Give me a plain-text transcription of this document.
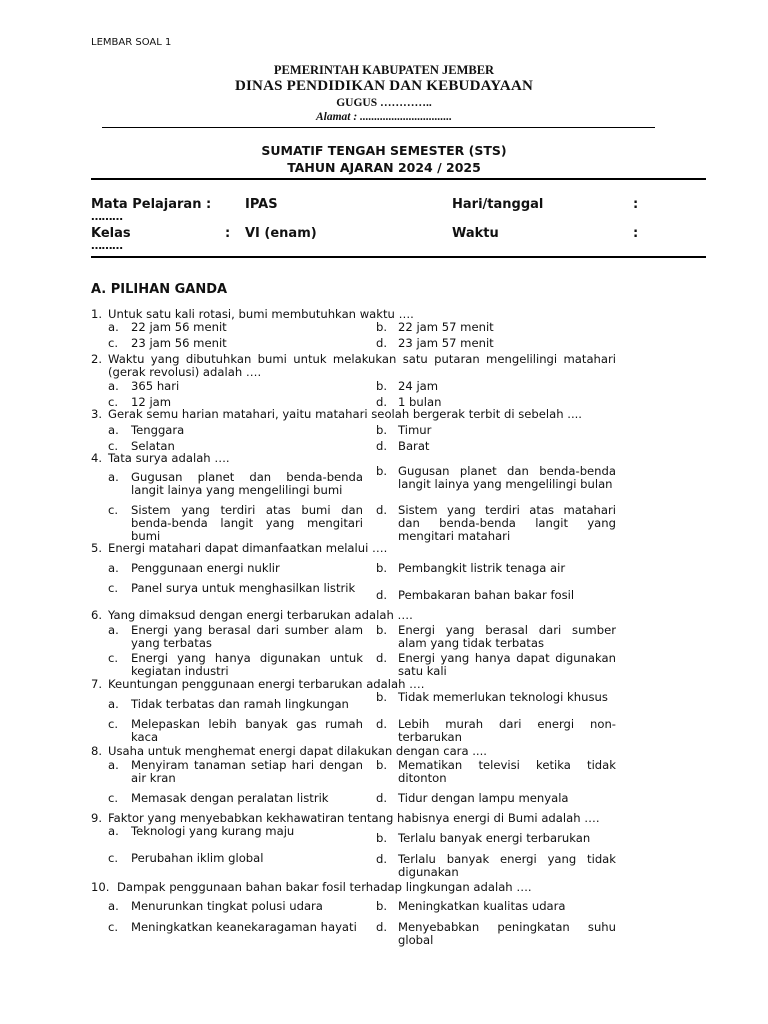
LEMBAR SOAL 1
PEMERINTAH KABUPATEN JEMBER
DINAS PENDIDIKAN DAN KEBUDAYAAN
GUGUS …………..
Alamat : ................................
SUMATIF TENGAH SEMESTER (STS)
TAHUN AJARAN 2024 / 2025
Mata Pelajaran :	IPAS	Hari/tanggal	:
………
Kelas	: VI (enam)	Waktu	:
………
A. PILIHAN GANDA
1. Untuk satu kali rotasi, bumi membutuhkan waktu ….
a. 22 jam 56 menit	b. 22 jam 57 menit
c. 23 jam 56 menit	d. 23 jam 57 menit
2. Waktu yang dibutuhkan bumi untuk melakukan satu putaran mengelilingi matahari (gerak revolusi) adalah ….
a. 365 hari	b. 24 jam
c. 12 jam	d. 1 bulan
3. Gerak semu harian matahari, yaitu matahari seolah bergerak terbit di sebelah ....
a. Tenggara	b. Timur
c. Selatan	d. Barat
4. Tata surya adalah ….
a. Gugusan planet dan benda-benda langit lainya yang mengelilingi bumi
b. Gugusan planet dan benda-benda langit lainya yang mengelilingi bulan
c. Sistem yang terdiri atas bumi dan benda-benda langit yang mengitari bumi
d. Sistem yang terdiri atas matahari dan benda-benda langit yang mengitari matahari
5. Energi matahari dapat dimanfaatkan melalui ….
a. Penggunaan energi nuklir	b. Pembangkit listrik tenaga air
c. Panel surya untuk menghasilkan listrik	d. Pembakaran bahan bakar fosil
6. Yang dimaksud dengan energi terbarukan adalah ….
a. Energi yang berasal dari sumber alam yang terbatas
b. Energi yang berasal dari sumber alam yang tidak terbatas
c. Energi yang hanya digunakan untuk kegiatan industri
d. Energi yang hanya dapat digunakan satu kali
7. Keuntungan penggunaan energi terbarukan adalah ….
a. Tidak terbatas dan ramah lingkungan b. Tidak memerlukan teknologi khusus
c. Melepaskan lebih banyak gas rumah kaca
d. Lebih murah dari energi non-terbarukan
8. Usaha untuk menghemat energi dapat dilakukan dengan cara ....
a. Menyiram tanaman setiap hari dengan air kran
b. Mematikan televisi ketika tidak ditonton
c. Memasak dengan peralatan listrik	d. Tidur dengan lampu menyala
9. Faktor yang menyebabkan kekhawatiran tentang habisnya energi di Bumi adalah ….
a. Teknologi yang kurang maju	b. Terlalu banyak energi terbarukan
c. Perubahan iklim global	d. Terlalu banyak energi yang tidak digunakan
10. Dampak penggunaan bahan bakar fosil terhadap lingkungan adalah ….
a. Menurunkan tingkat polusi udara	b. Meningkatkan kualitas udara
c. Meningkatkan keanekaragaman hayati	d. Menyebabkan peningkatan suhu global
